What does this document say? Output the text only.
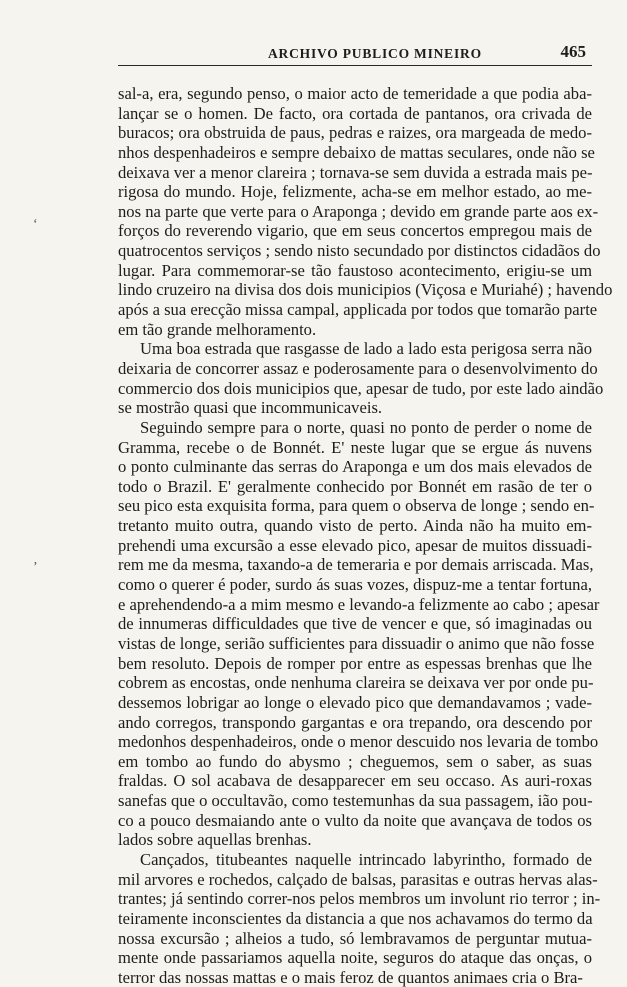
ARCHIVO PUBLICO MINEIRO	465
‘
’
sal-a, era, segundo penso, o maior acto de temeridade a que podia aba-
lançar se o homen. De facto, ora cortada de pantanos, ora crivada de
buracos; ora obstruida de paus, pedras e raizes, ora margeada de medo-
nhos despenhadeiros e sempre debaixo de mattas seculares, onde não se
deixava ver a menor clareira ; tornava-se sem duvida a estrada mais pe-
rigosa do mundo. Hoje, felizmente, acha-se em melhor estado, ao me-
nos na parte que verte para o Araponga ; devido em grande parte aos ex-
forços do reverendo vigario, que em seus concertos empregou mais de
quatrocentos serviços ; sendo nisto secundado por distinctos cidadãos do
lugar. Para commemorar-se tão faustoso acontecimento, erigiu-se um
lindo cruzeiro na divisa dos dois municipios (Viçosa e Muriahé) ; havendo
após a sua erecção missa campal, applicada por todos que tomarão parte
em tão grande melhoramento.
Uma boa estrada que rasgasse de lado a lado esta perigosa serra não
deixaria de concorrer assaz e poderosamente para o desenvolvimento do
commercio dos dois municipios que, apesar de tudo, por este lado aindão
se mostrão quasi que incommunicaveis.
Seguindo sempre para o norte, quasi no ponto de perder o nome de
Gramma, recebe o de Bonnét. E' neste lugar que se ergue ás nuvens
o ponto culminante das serras do Araponga e um dos mais elevados de
todo o Brazil. E' geralmente conhecido por Bonnét em rasão de ter o
seu pico esta exquisita forma, para quem o observa de longe ; sendo en-
tretanto muito outra, quando visto de perto. Ainda não ha muito em-
prehendi uma excursão a esse elevado pico, apesar de muitos dissuadi-
rem me da mesma, taxando-a de temeraria e por demais arriscada. Mas,
como o querer é poder, surdo ás suas vozes, dispuz-me a tentar fortuna,
e aprehendendo-a a mim mesmo e levando-a felizmente ao cabo ; apesar
de innumeras difficuldades que tive de vencer e que, só imaginadas ou
vistas de longe, serião sufficientes para dissuadir o animo que não fosse
bem resoluto. Depois de romper por entre as espessas brenhas que lhe
cobrem as encostas, onde nenhuma clareira se deixava ver por onde pu-
dessemos lobrigar ao longe o elevado pico que demandavamos ; vade-
ando corregos, transpondo gargantas e ora trepando, ora descendo por
medonhos despenhadeiros, onde o menor descuido nos levaria de tombo
em tombo ao fundo do abysmo ; cheguemos, sem o saber, as suas
fraldas. O sol acabava de desapparecer em seu occaso. As auri-roxas
sanefas que o occultavão, como testemunhas da sua passagem, ião pou-
co a pouco desmaiando ante o vulto da noite que avançava de todos os
lados sobre aquellas brenhas.
Cançados, titubeantes naquelle intrincado labyrintho, formado de
mil arvores e rochedos, calçado de balsas, parasitas e outras hervas alas-
trantes; já sentindo correr-nos pelos membros um involunt rio terror ; in-
teiramente inconscientes da distancia a que nos achavamos do termo da
nossa excursão ; alheios a tudo, só lembravamos de perguntar mutua-
mente onde passariamos aquella noite, seguros do ataque das onças, o
terror das nossas mattas e o mais feroz de quantos animaes cria o Bra-
